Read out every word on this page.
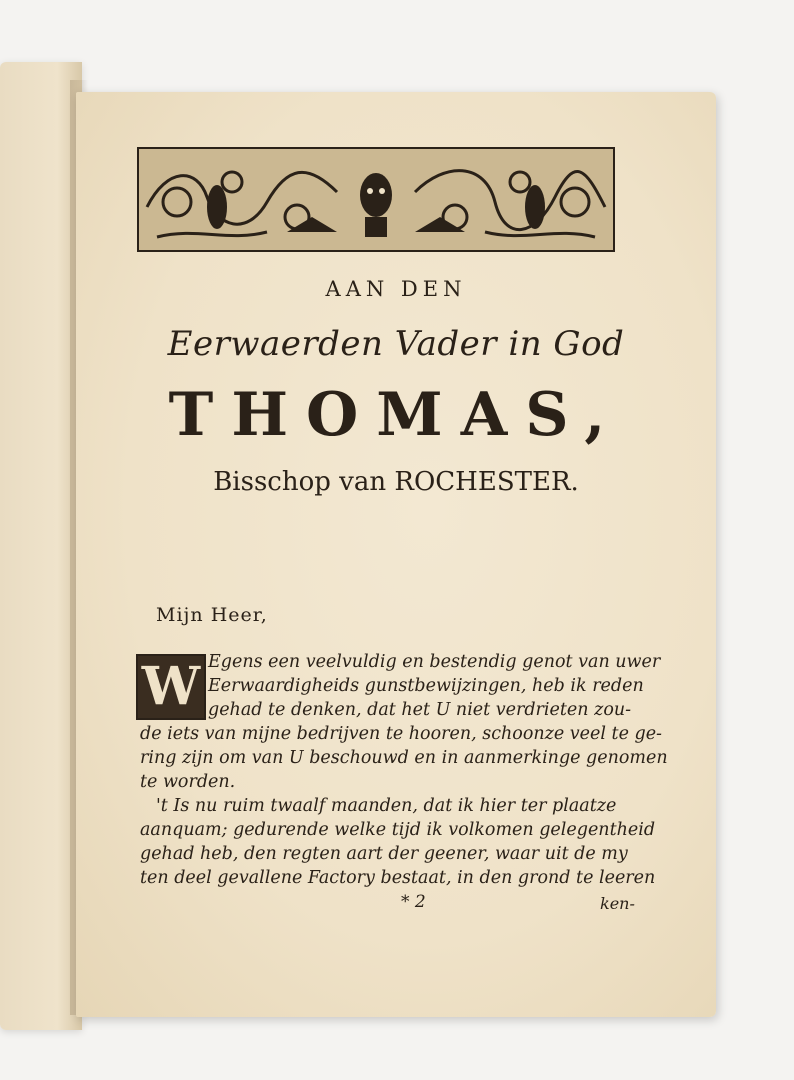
AAN DEN
Eerwaerden Vader in God
THOMAS,
Bisschop van ROCHESTER.
Mijn Heer,
W Egens een veelvuldig en bestendig genot van uwer
Eerwaardigheids gunstbewijzingen, heb ik reden
gehad te denken, dat het U niet verdrieten zou-
de iets van mijne bedrijven te hooren, schoonze veel te ge-
ring zijn om van U beschouwd en in aanmerkinge genomen
te worden.
't Is nu ruim twaalf maanden, dat ik hier ter plaatze
aanquam; gedurende welke tijd ik volkomen gelegentheid
gehad heb, den regten aart der geener, waar uit de my
ten deel gevallene Factory bestaat, in den grond te leeren
* 2	ken-
